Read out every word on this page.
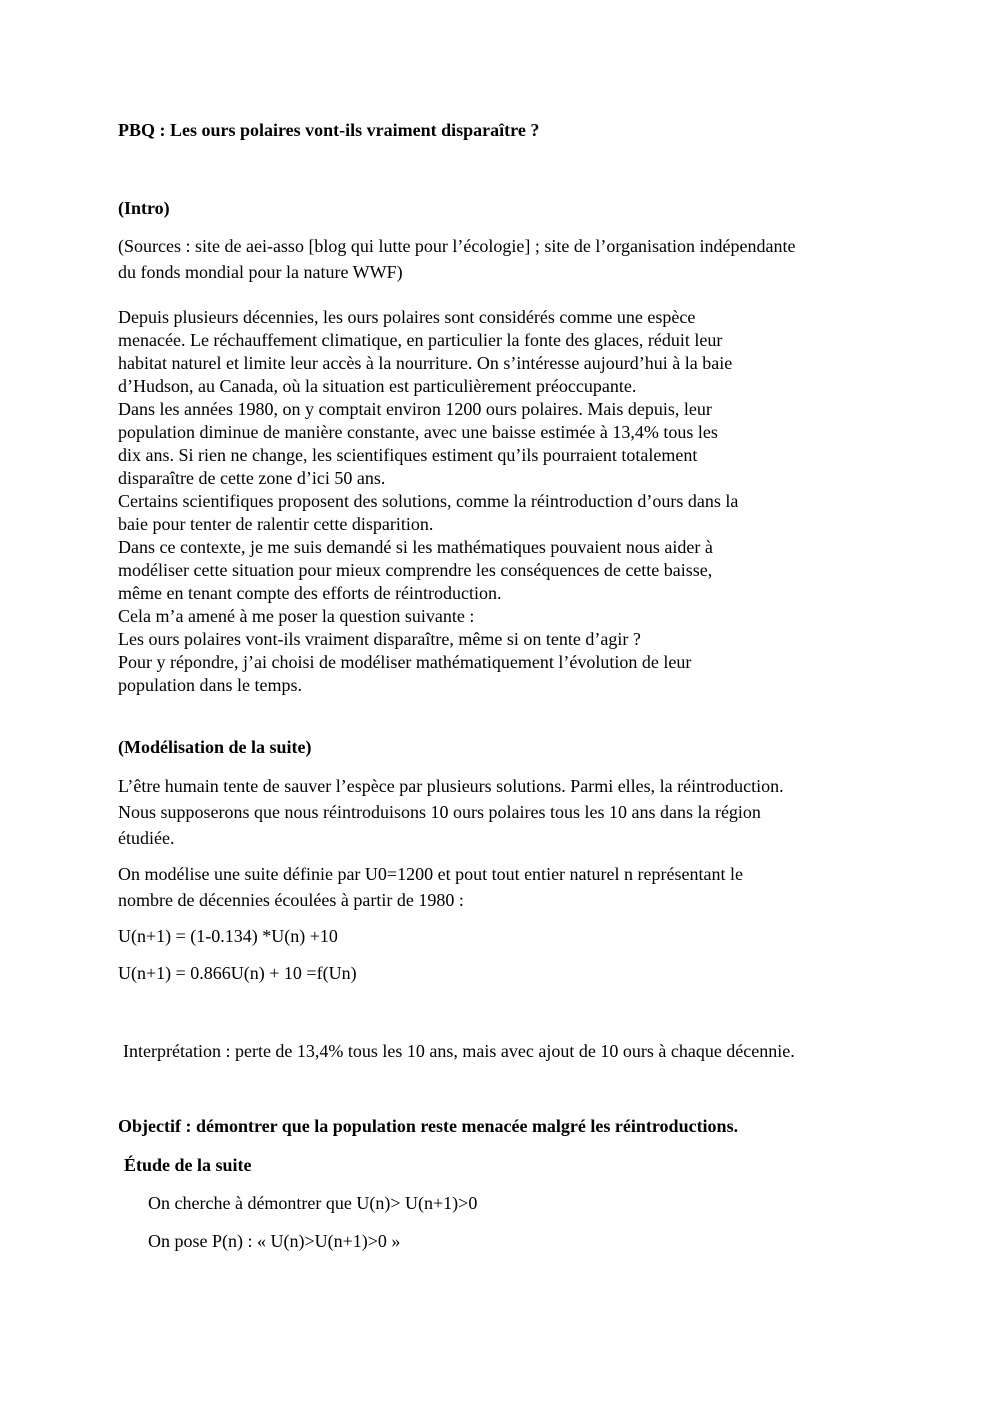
PBQ : Les ours polaires vont-ils vraiment disparaître ?
(Intro)
(Sources : site de aei-asso [blog qui lutte pour l’écologie] ; site de l’organisation indépendante
du fonds mondial pour la nature WWF)
Depuis plusieurs décennies, les ours polaires sont considérés comme une espèce
menacée. Le réchauffement climatique, en particulier la fonte des glaces, réduit leur
habitat naturel et limite leur accès à la nourriture. On s’intéresse aujourd’hui à la baie
d’Hudson, au Canada, où la situation est particulièrement préoccupante.
Dans les années 1980, on y comptait environ 1200 ours polaires. Mais depuis, leur
population diminue de manière constante, avec une baisse estimée à 13,4% tous les
dix ans. Si rien ne change, les scientifiques estiment qu’ils pourraient totalement
disparaître de cette zone d’ici 50 ans.
Certains scientifiques proposent des solutions, comme la réintroduction d’ours dans la
baie pour tenter de ralentir cette disparition.
Dans ce contexte, je me suis demandé si les mathématiques pouvaient nous aider à
modéliser cette situation pour mieux comprendre les conséquences de cette baisse,
même en tenant compte des efforts de réintroduction.
Cela m’a amené à me poser la question suivante :
Les ours polaires vont-ils vraiment disparaître, même si on tente d’agir ?
Pour y répondre, j’ai choisi de modéliser mathématiquement l’évolution de leur
population dans le temps.
(Modélisation de la suite)
L’être humain tente de sauver l’espèce par plusieurs solutions. Parmi elles, la réintroduction.
Nous supposerons que nous réintroduisons 10 ours polaires tous les 10 ans dans la région
étudiée.
On modélise une suite définie par U0=1200 et pout tout entier naturel n représentant le
nombre de décennies écoulées à partir de 1980 :
U(n+1) = (1-0.134) *U(n) +10
U(n+1) = 0.866U(n) + 10 =f(Un)
Interprétation : perte de 13,4% tous les 10 ans, mais avec ajout de 10 ours à chaque décennie.
Objectif : démontrer que la population reste menacée malgré les réintroductions.
Étude de la suite
On cherche à démontrer que U(n)> U(n+1)>0
On pose P(n) : « U(n)>U(n+1)>0 »
